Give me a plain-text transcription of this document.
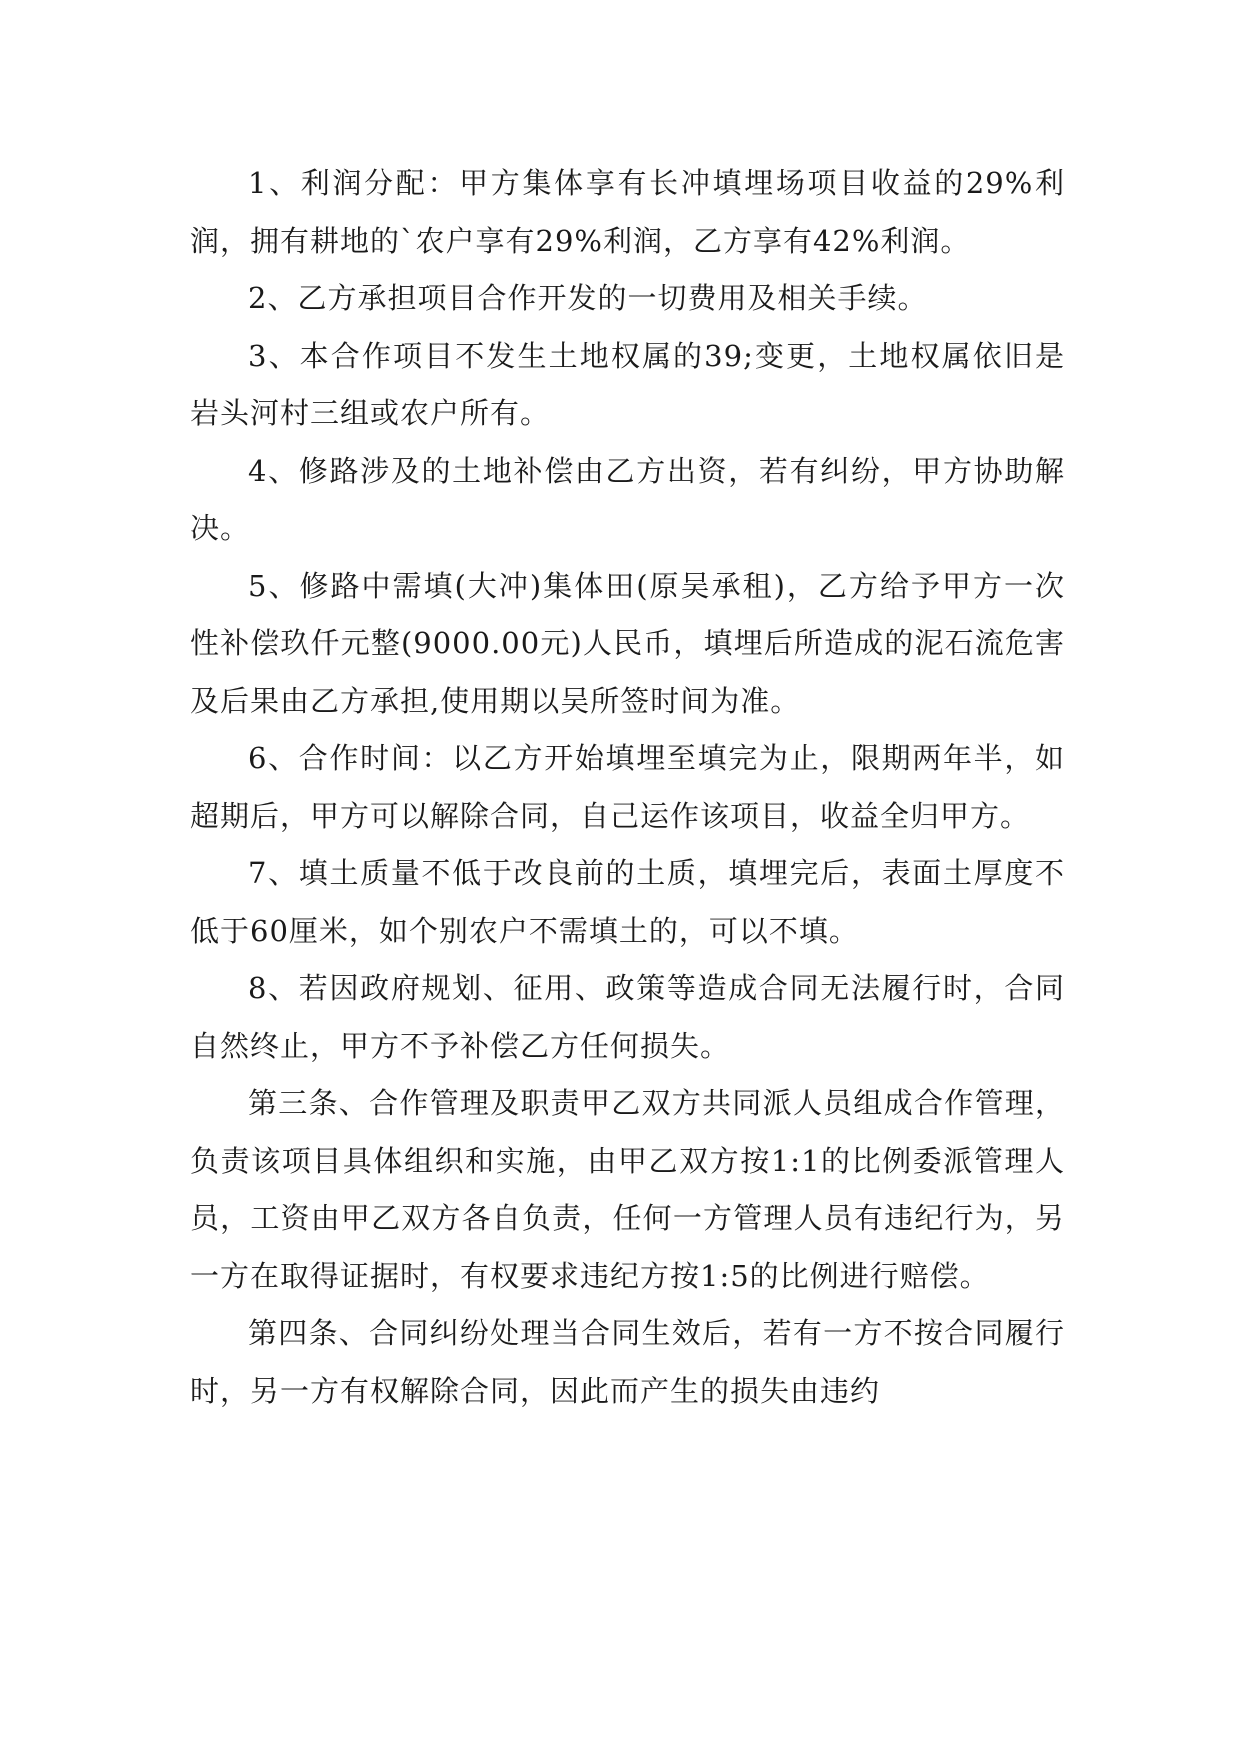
1、利润分配：甲方集体享有长冲填埋场项目收益的29%利润，拥有耕地的`农户享有29%利润，乙方享有42%利润。

2、乙方承担项目合作开发的一切费用及相关手续。

3、本合作项目不发生土地权属的39;变更，土地权属依旧是岩头河村三组或农户所有。

4、修路涉及的土地补偿由乙方出资，若有纠纷，甲方协助解决。

5、修路中需填(大冲)集体田(原吴承租)，乙方给予甲方一次性补偿玖仟元整(9000.00元)人民币，填埋后所造成的泥石流危害及后果由乙方承担,使用期以吴所签时间为准。

6、合作时间：以乙方开始填埋至填完为止，限期两年半，如超期后，甲方可以解除合同，自己运作该项目，收益全归甲方。

7、填土质量不低于改良前的土质，填埋完后，表面土厚度不低于60厘米，如个别农户不需填土的，可以不填。

8、若因政府规划、征用、政策等造成合同无法履行时，合同自然终止，甲方不予补偿乙方任何损失。

第三条、合作管理及职责甲乙双方共同派人员组成合作管理，负责该项目具体组织和实施，由甲乙双方按1:1的比例委派管理人员，工资由甲乙双方各自负责，任何一方管理人员有违纪行为，另一方在取得证据时，有权要求违纪方按1:5的比例进行赔偿。

第四条、合同纠纷处理当合同生效后，若有一方不按合同履行时，另一方有权解除合同，因此而产生的损失由违约
